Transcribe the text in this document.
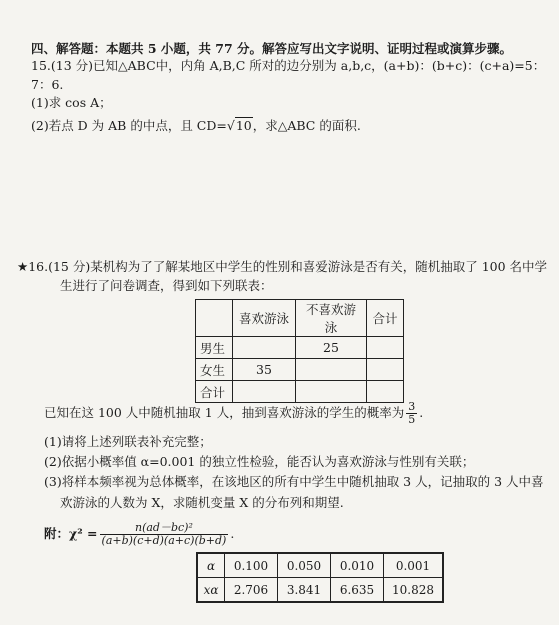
四、解答题：本题共 5 小题，共 77 分。解答应写出文字说明、证明过程或演算步骤。
15.(13 分)已知△ABC中，内角 A,B,C 所对的边分别为 a,b,c，(a+b)：(b+c)：(c+a)=5：
7：6.
(1)求 cos A；
(2)若点 D 为 AB 的中点，且 CD=√10，求△ABC 的面积.
★16.(15 分)某机构为了了解某地区中学生的性别和喜爱游泳是否有关，随机抽取了 100 名中学
生进行了问卷调查，得到如下列联表：
	喜欢游泳	不喜欢游泳	合计
男生		25	
女生	35		
合计			
已知在这 100 人中随机抽取 1 人，抽到喜欢游泳的学生的概率为 $\frac{3}{5}$ .
(1)请将上述列联表补充完整；
(2)依据小概率值 α=0.001 的独立性检验，能否认为喜欢游泳与性别有关联；
(3)将样本频率视为总体概率，在该地区的所有中学生中随机抽取 3 人，记抽取的 3 人中喜
欢游泳的人数为 X，求随机变量 X 的分布列和期望.
附：$\chi^2 = \frac{\text{n(ad－bc)²}}{(a+b)(c+d)(a+c)(b+d)}$ .
α	0.100	0.050	0.010	0.001
xα	2.706	3.841	6.635	10.828
